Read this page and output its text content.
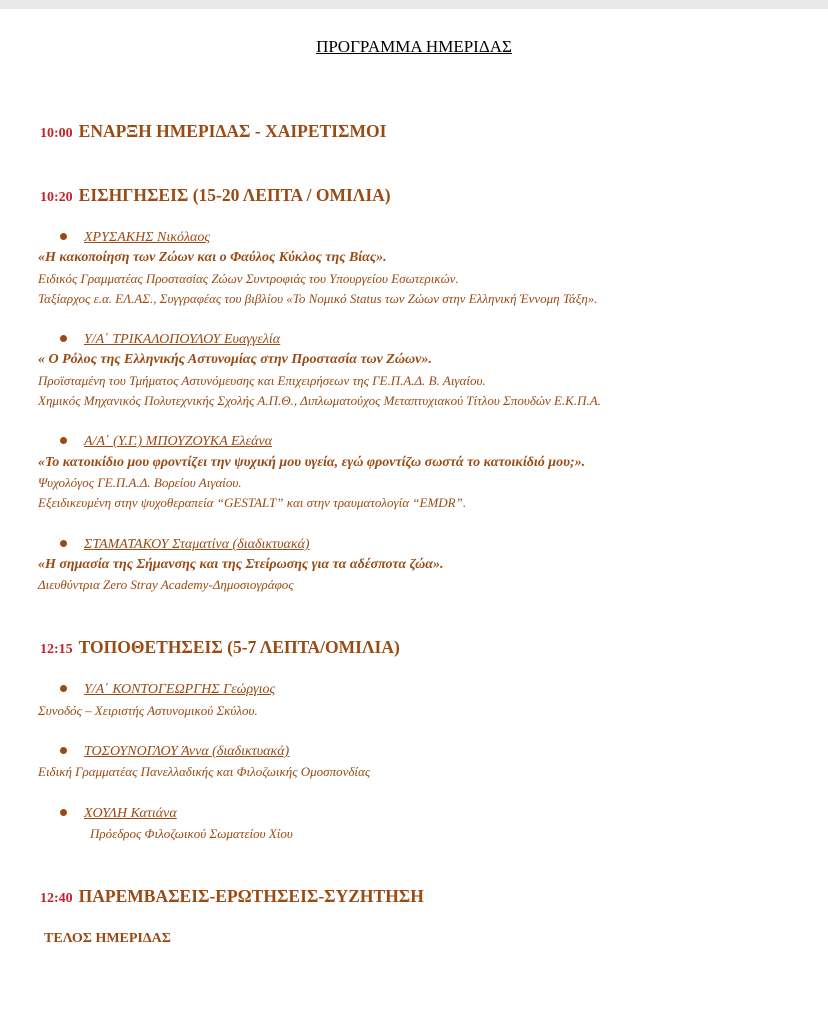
ΠΡΟΓΡΑΜΜΑ ΗΜΕΡΙΔΑΣ
10:00 ΕΝΑΡΞΗ ΗΜΕΡΙΔΑΣ - ΧΑΙΡΕΤΙΣΜΟΙ
10:20 ΕΙΣΗΓΗΣΕΙΣ (15-20 ΛΕΠΤΑ / ΟΜΙΛΙΑ)
ΧΡΥΣΑΚΗΣ Νικόλαος
«Η κακοποίηση των Ζώων και ο Φαύλος Κύκλος της Βίας».
Ειδικός Γραμματέας Προστασίας Ζώων Συντροφιάς του Υπουργείου Εσωτερικών.
Ταξίαρχος ε.α. ΕΛ.ΑΣ., Συγγραφέας του βιβλίου «Το Νομικό Status των Ζώων στην Ελληνική Έννομη Τάξη».
Υ/Α΄ ΤΡΙΚΑΛΟΠΟΥΛΟΥ Ευαγγελία
« Ο Ρόλος της Ελληνικής Αστυνομίας στην Προστασία των Ζώων».
Προϊσταμένη του Τμήματος Αστυνόμευσης και Επιχειρήσεων της ΓΕ.Π.Α.Δ. Β. Αιγαίου.
Χημικός Μηχανικός Πολυτεχνικής Σχολής Α.Π.Θ., Διπλωματούχος Μεταπτυχιακού Τίτλου Σπουδών Ε.Κ.Π.Α.
Α/Α΄ (Υ.Γ.) ΜΠΟΥΖΟΥΚΑ Ελεάνα
«Το κατοικίδιο μου φροντίζει την ψυχική μου υγεία, εγώ φροντίζω σωστά το κατοικίδιό μου;».
Ψυχολόγος ΓΕ.Π.Α.Δ. Βορείου Αιγαίου.
Εξειδικευμένη στην ψυχοθεραπεία “GESTALT” και στην τραυματολογία “EMDR”.
ΣΤΑΜΑΤΑΚΟΥ Σταματίνα (διαδικτυακά)
«Η σημασία της Σήμανσης και της Στείρωσης για τα αδέσποτα ζώα».
Διευθύντρια Zero Stray Academy-Δημοσιογράφος
12:15 ΤΟΠΟΘΕΤΗΣΕΙΣ (5-7 ΛΕΠΤΑ/ΟΜΙΛΙΑ)
Υ/Α΄ ΚΟΝΤΟΓΕΩΡΓΗΣ Γεώργιος
Συνοδός – Χειριστής Αστυνομικού Σκύλου.
ΤΟΣΟΥΝΟΓΛΟΥ Άννα (διαδικτυακά)
Ειδική Γραμματέας Πανελλαδικής και Φιλοζωικής Ομοσπονδίας
ΧΟΥΛΗ Κατιάνα
Πρόεδρος Φιλοζωικού Σωματείου Χίου
12:40 ΠΑΡΕΜΒΑΣΕΙΣ-ΕΡΩΤΗΣΕΙΣ-ΣΥΖΗΤΗΣΗ
ΤΕΛΟΣ ΗΜΕΡΙΔΑΣ
